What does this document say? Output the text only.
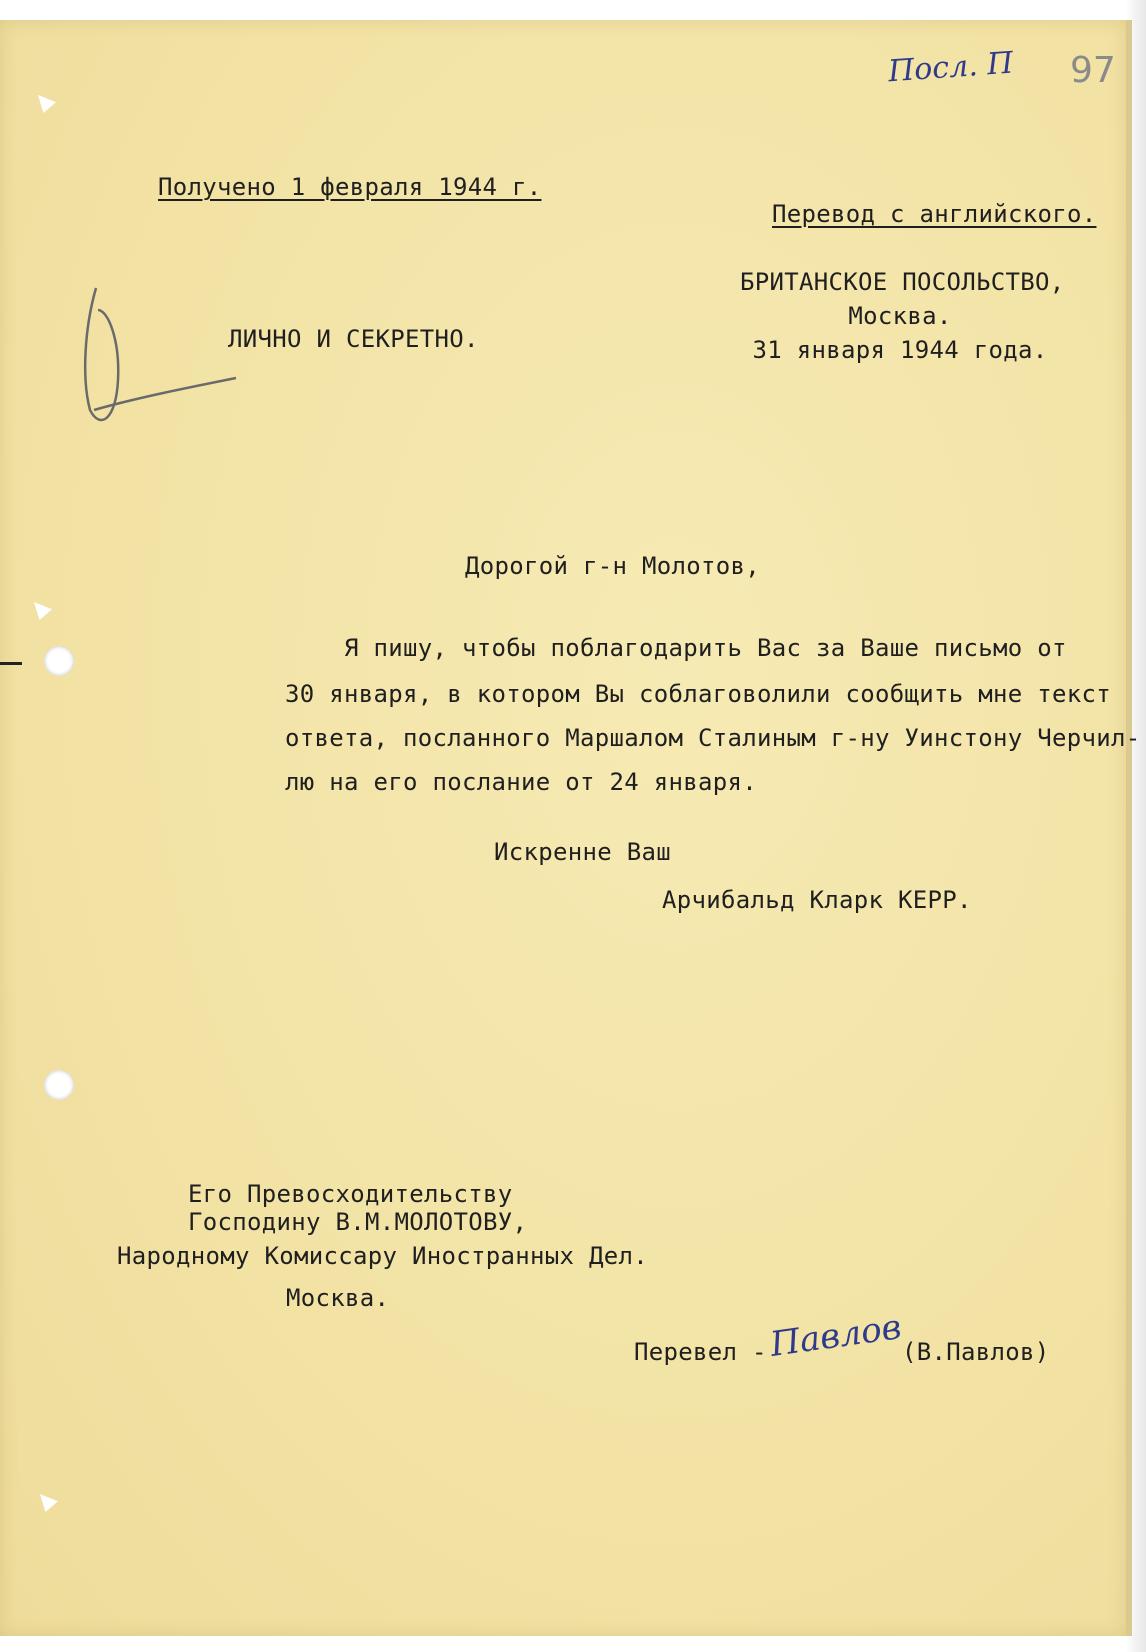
Посл. П 97
Получено 1 февраля 1944 г.
Перевод с английского.
БРИТАНСКОЕ ПОСОЛЬСТВО,
Москва.
31 января 1944 года.
ЛИЧНО И СЕКРЕТНО.
Дорогой г-н Молотов,
Я пишу, чтобы поблагодарить Вас за Ваше письмо от
30 января, в котором Вы соблаговолили сообщить мне текст
ответа, посланного Маршалом Сталиным г-ну Уинстону Черчил-
лю на его послание от 24 января.
Искренне Ваш
Арчибальд Кларк КЕРР.
Его Превосходительству
Господину В.М.МОЛОТОВУ,
Народному Комиссару Иностранных Дел.
Москва.
Перевел - Павлов
(В.Павлов)
